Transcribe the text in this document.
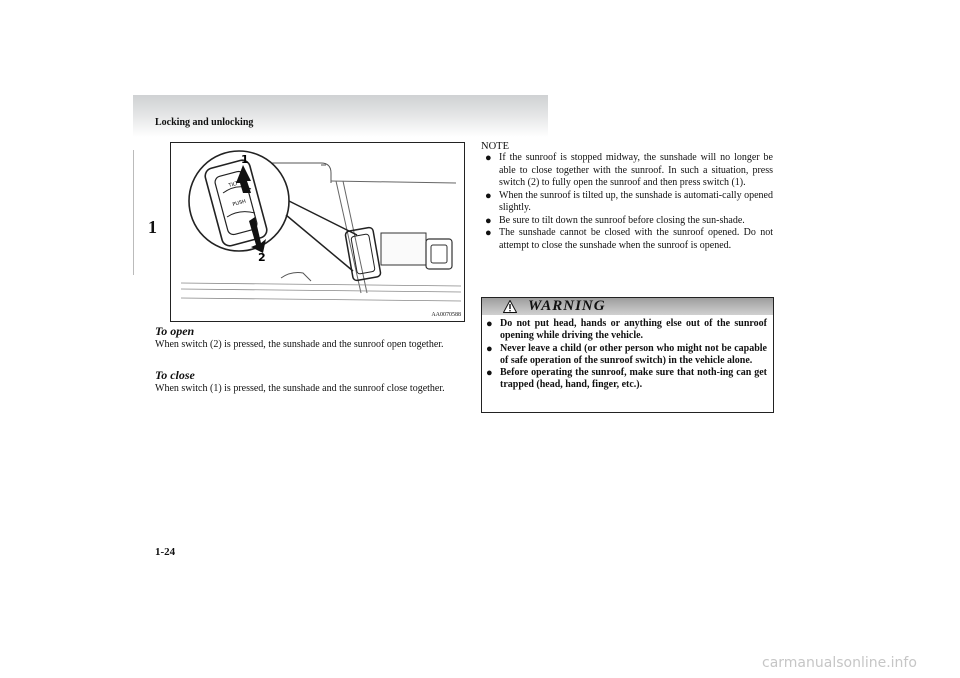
Locking and unlocking
1
TILT
PUSH
1
2
AA0070588
To open

When switch (2) is pressed, the sunshade and the sunroof open together.

To close

When switch (1) is pressed, the sunshade and the sunroof close together.

NOTE
● If the sunroof is stopped midway, the sunshade will no longer be able to close together with the sunroof. In such a situation, press switch (2) to fully open the sunroof and then press switch (1).
● When the sunroof is tilted up, the sunshade is automati-cally opened slightly.
● Be sure to tilt down the sunroof before closing the sun-shade.
● The sunshade cannot be closed with the sunroof opened. Do not attempt to close the sunshade when the sunroof is opened.
WARNING
● Do not put head, hands or anything else out of the sunroof opening while driving the vehicle.
● Never leave a child (or other person who might not be capable of safe operation of the sunroof switch) in the vehicle alone.
● Before operating the sunroof, make sure that noth-ing can get trapped (head, hand, finger, etc.).
1-24
carmanualsonline.info
